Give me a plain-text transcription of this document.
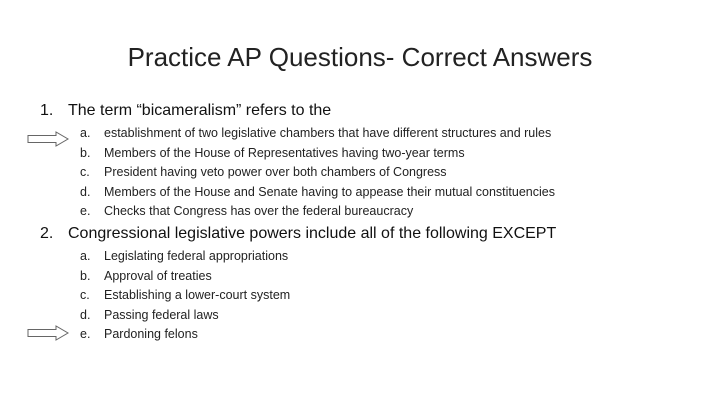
Practice AP Questions- Correct Answers
1. The term “bicameralism” refers to the
a. establishment of two legislative chambers that have different structures and rules
b. Members of the House of Representatives having two-year terms
c. President having veto power over both chambers of Congress
d. Members of the House and Senate having to appease their mutual constituencies
e. Checks that Congress has over the federal bureaucracy
2. Congressional legislative powers include all of the following EXCEPT
a. Legislating federal appropriations
b. Approval of treaties
c. Establishing a lower-court system
d. Passing federal laws
e. Pardoning felons
